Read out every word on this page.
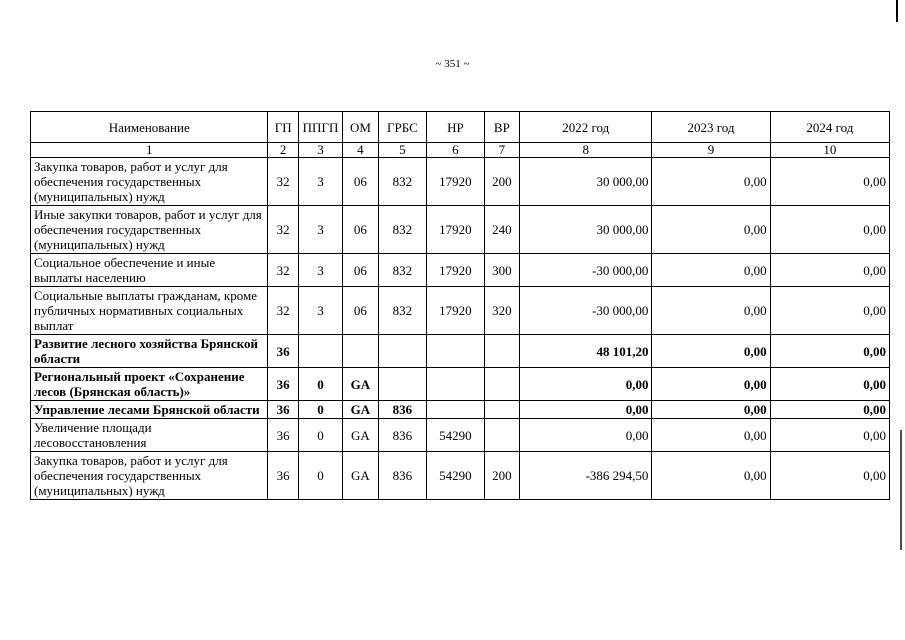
~ 351 ~
Наименование	ГП	ППГП	ОМ	ГРБС	НР	ВР	2022 год	2023 год	2024 год
1	2	3	4	5	6	7	8	9	10
Закупка товаров, работ и услуг для обеспечения государственных (муниципальных) нужд	32	3	06	832	17920	200	30 000,00	0,00	0,00
Иные закупки товаров, работ и услуг для обеспечения государственных (муниципальных) нужд	32	3	06	832	17920	240	30 000,00	0,00	0,00
Социальное обеспечение и иные выплаты населению	32	3	06	832	17920	300	-30 000,00	0,00	0,00
Социальные выплаты гражданам, кроме публичных нормативных социальных выплат	32	3	06	832	17920	320	-30 000,00	0,00	0,00
Развитие лесного хозяйства Брянской области	36						48 101,20	0,00	0,00
Региональный проект «Сохранение лесов (Брянская область)»	36	0	GA				0,00	0,00	0,00
Управление лесами Брянской области	36	0	GA	836			0,00	0,00	0,00
Увеличение площади лесовосстановления	36	0	GA	836	54290		0,00	0,00	0,00
Закупка товаров, работ и услуг для обеспечения государственных (муниципальных) нужд	36	0	GA	836	54290	200	-386 294,50	0,00	0,00
